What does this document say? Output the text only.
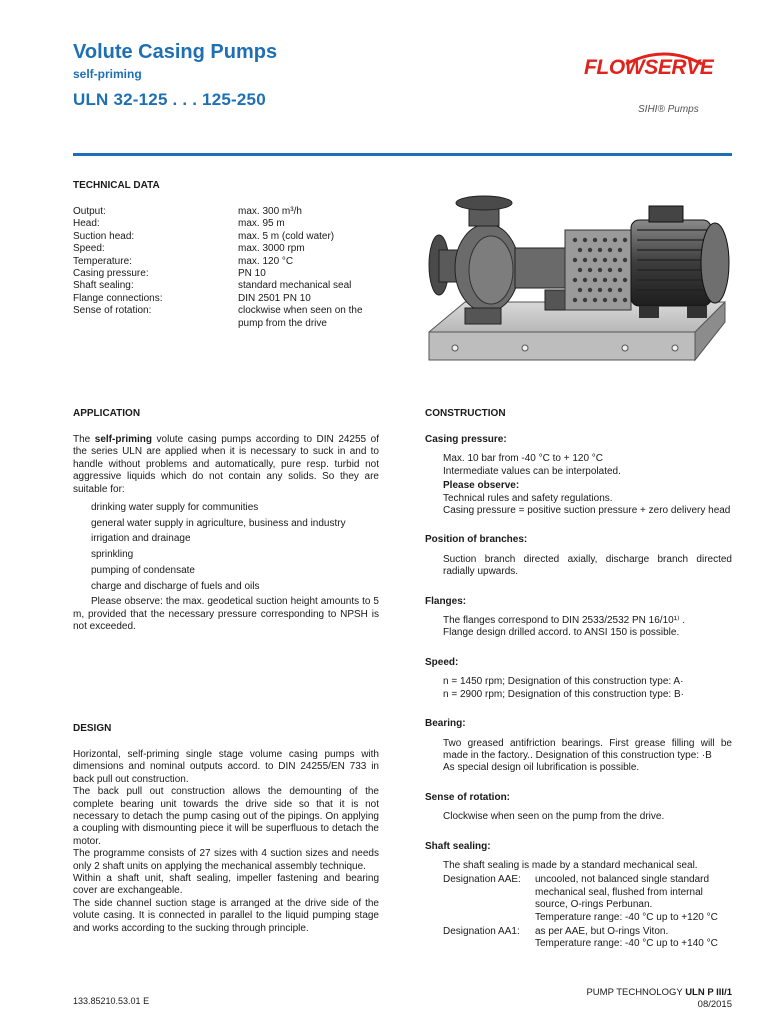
Volute Casing Pumps
self-priming
ULN 32-125 . . . 125-250
FLOWSERVE
SIHI® Pumps
TECHNICAL DATA
Output:	max. 300 m³/h
Head:	max. 95 m
Suction head:	max. 5 m (cold water)
Speed:	max. 3000 rpm
Temperature:	max. 120 °C
Casing pressure:	PN 10
Shaft sealing:	standard mechanical seal
Flange connections:	DIN 2501 PN 10
Sense of rotation:	clockwise when seen on the pump from the drive
APPLICATION
The self-priming volute casing pumps according to DIN 24255 of the series ULN are applied when it is necessary to suck in and to handle without problems and automatically, pure resp. turbid not aggressive liquids which do not contain any solids. So they are suitable for:
drinking water supply for communities
general water supply in agriculture, business and industry
irrigation and drainage
sprinkling
pumping of condensate
charge and discharge of fuels and oils
Please observe: the max. geodetical suction height amounts to 5 m, provided that the necessary pressure corresponding to NPSH is not exceeded.
DESIGN
Horizontal, self-priming single stage volume casing pumps with dimensions and nominal outputs accord. to DIN 24255/EN 733 in back pull out construction.
The back pull out construction allows the demounting of the complete bearing unit towards the drive side so that it is not necessary to detach the pump casing out of the pipings. On applying a coupling with dismounting piece it will be superfluous to detach the motor.
The programme consists of 27 sizes with 4 suction sizes and needs only 2 shaft units on applying the mechanical assembly technique.
Within a shaft unit, shaft sealing, impeller fastening and bearing cover are exchangeable.
The side channel suction stage is arranged at the drive side of the volute casing. It is connected in parallel to the liquid pumping stage and works according to the sucking through principle.
CONSTRUCTION
Casing pressure:
Max. 10 bar from -40 °C to + 120 °C
Intermediate values can be interpolated.
Please observe:
Technical rules and safety regulations.
Casing pressure = positive suction pressure + zero delivery head
Position of branches:
Suction branch directed axially, discharge branch directed radially upwards.
Flanges:
The flanges correspond to DIN 2533/2532 PN 16/10¹⁾ .
Flange design drilled accord. to ANSI 150 is possible.
Speed:
n = 1450 rpm; Designation of this construction type: A·
n = 2900 rpm; Designation of this construction type: B·
Bearing:
Two greased antifriction bearings. First grease filling will be made in the factory.. Designation of this construction type: ·B
As special design oil lubrification is possible.
Sense of rotation:
Clockwise when seen on the pump from the drive.
Shaft sealing:
The shaft sealing is made by a standard mechanical seal.
Designation AAE:	uncooled, not balanced single standard mechanical seal, flushed from internal source, O-rings Perbunan.
Temperature range: -40 °C up to +120 °C
Designation AA1:	as per AAE, but O-rings Viton.
Temperature range: -40 °C up to +140 °C
133.85210.53.01 E
PUMP TECHNOLOGY ULN P III/1
08/2015
